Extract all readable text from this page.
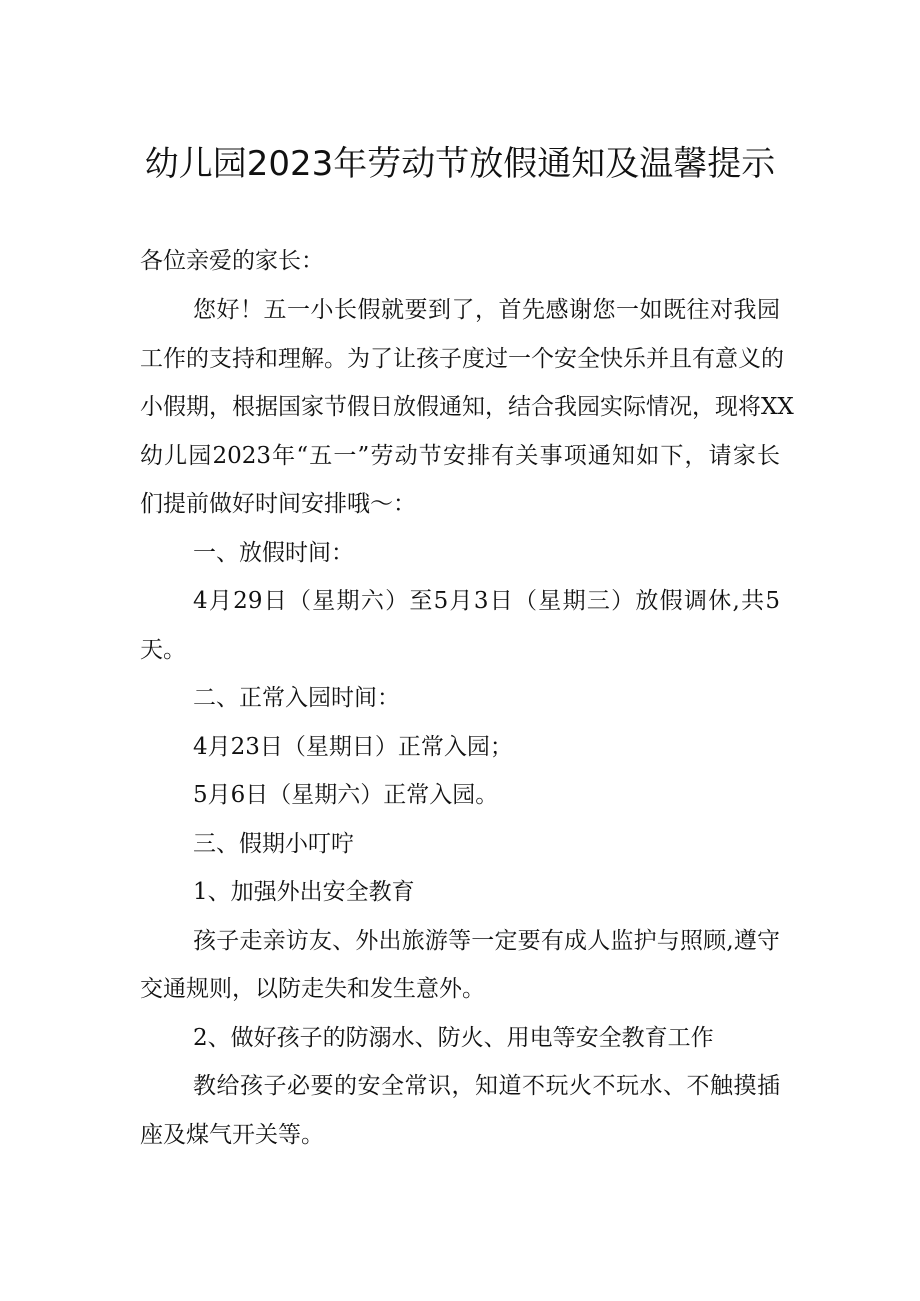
幼儿园2023年劳动节放假通知及温馨提示

各位亲爱的家长：

您好！五一小长假就要到了，首先感谢您一如既往对我园

工作的支持和理解。为了让孩子度过一个安全快乐并且有意义的

小假期，根据国家节假日放假通知，结合我园实际情况，现将XX

幼儿园2023年“五一”劳动节安排有关事项通知如下，请家长

们提前做好时间安排哦～：

一、放假时间：

4月29日（星期六）至5月3日（星期三）放假调休,共5

天。

二、正常入园时间：

4月23日（星期日）正常入园；

5月6日（星期六）正常入园。

三、假期小叮咛

1、加强外出安全教育

孩子走亲访友、外出旅游等一定要有成人监护与照顾,遵守

交通规则，以防走失和发生意外。

2、做好孩子的防溺水、防火、用电等安全教育工作

教给孩子必要的安全常识，知道不玩火不玩水、不触摸插

座及煤气开关等。
